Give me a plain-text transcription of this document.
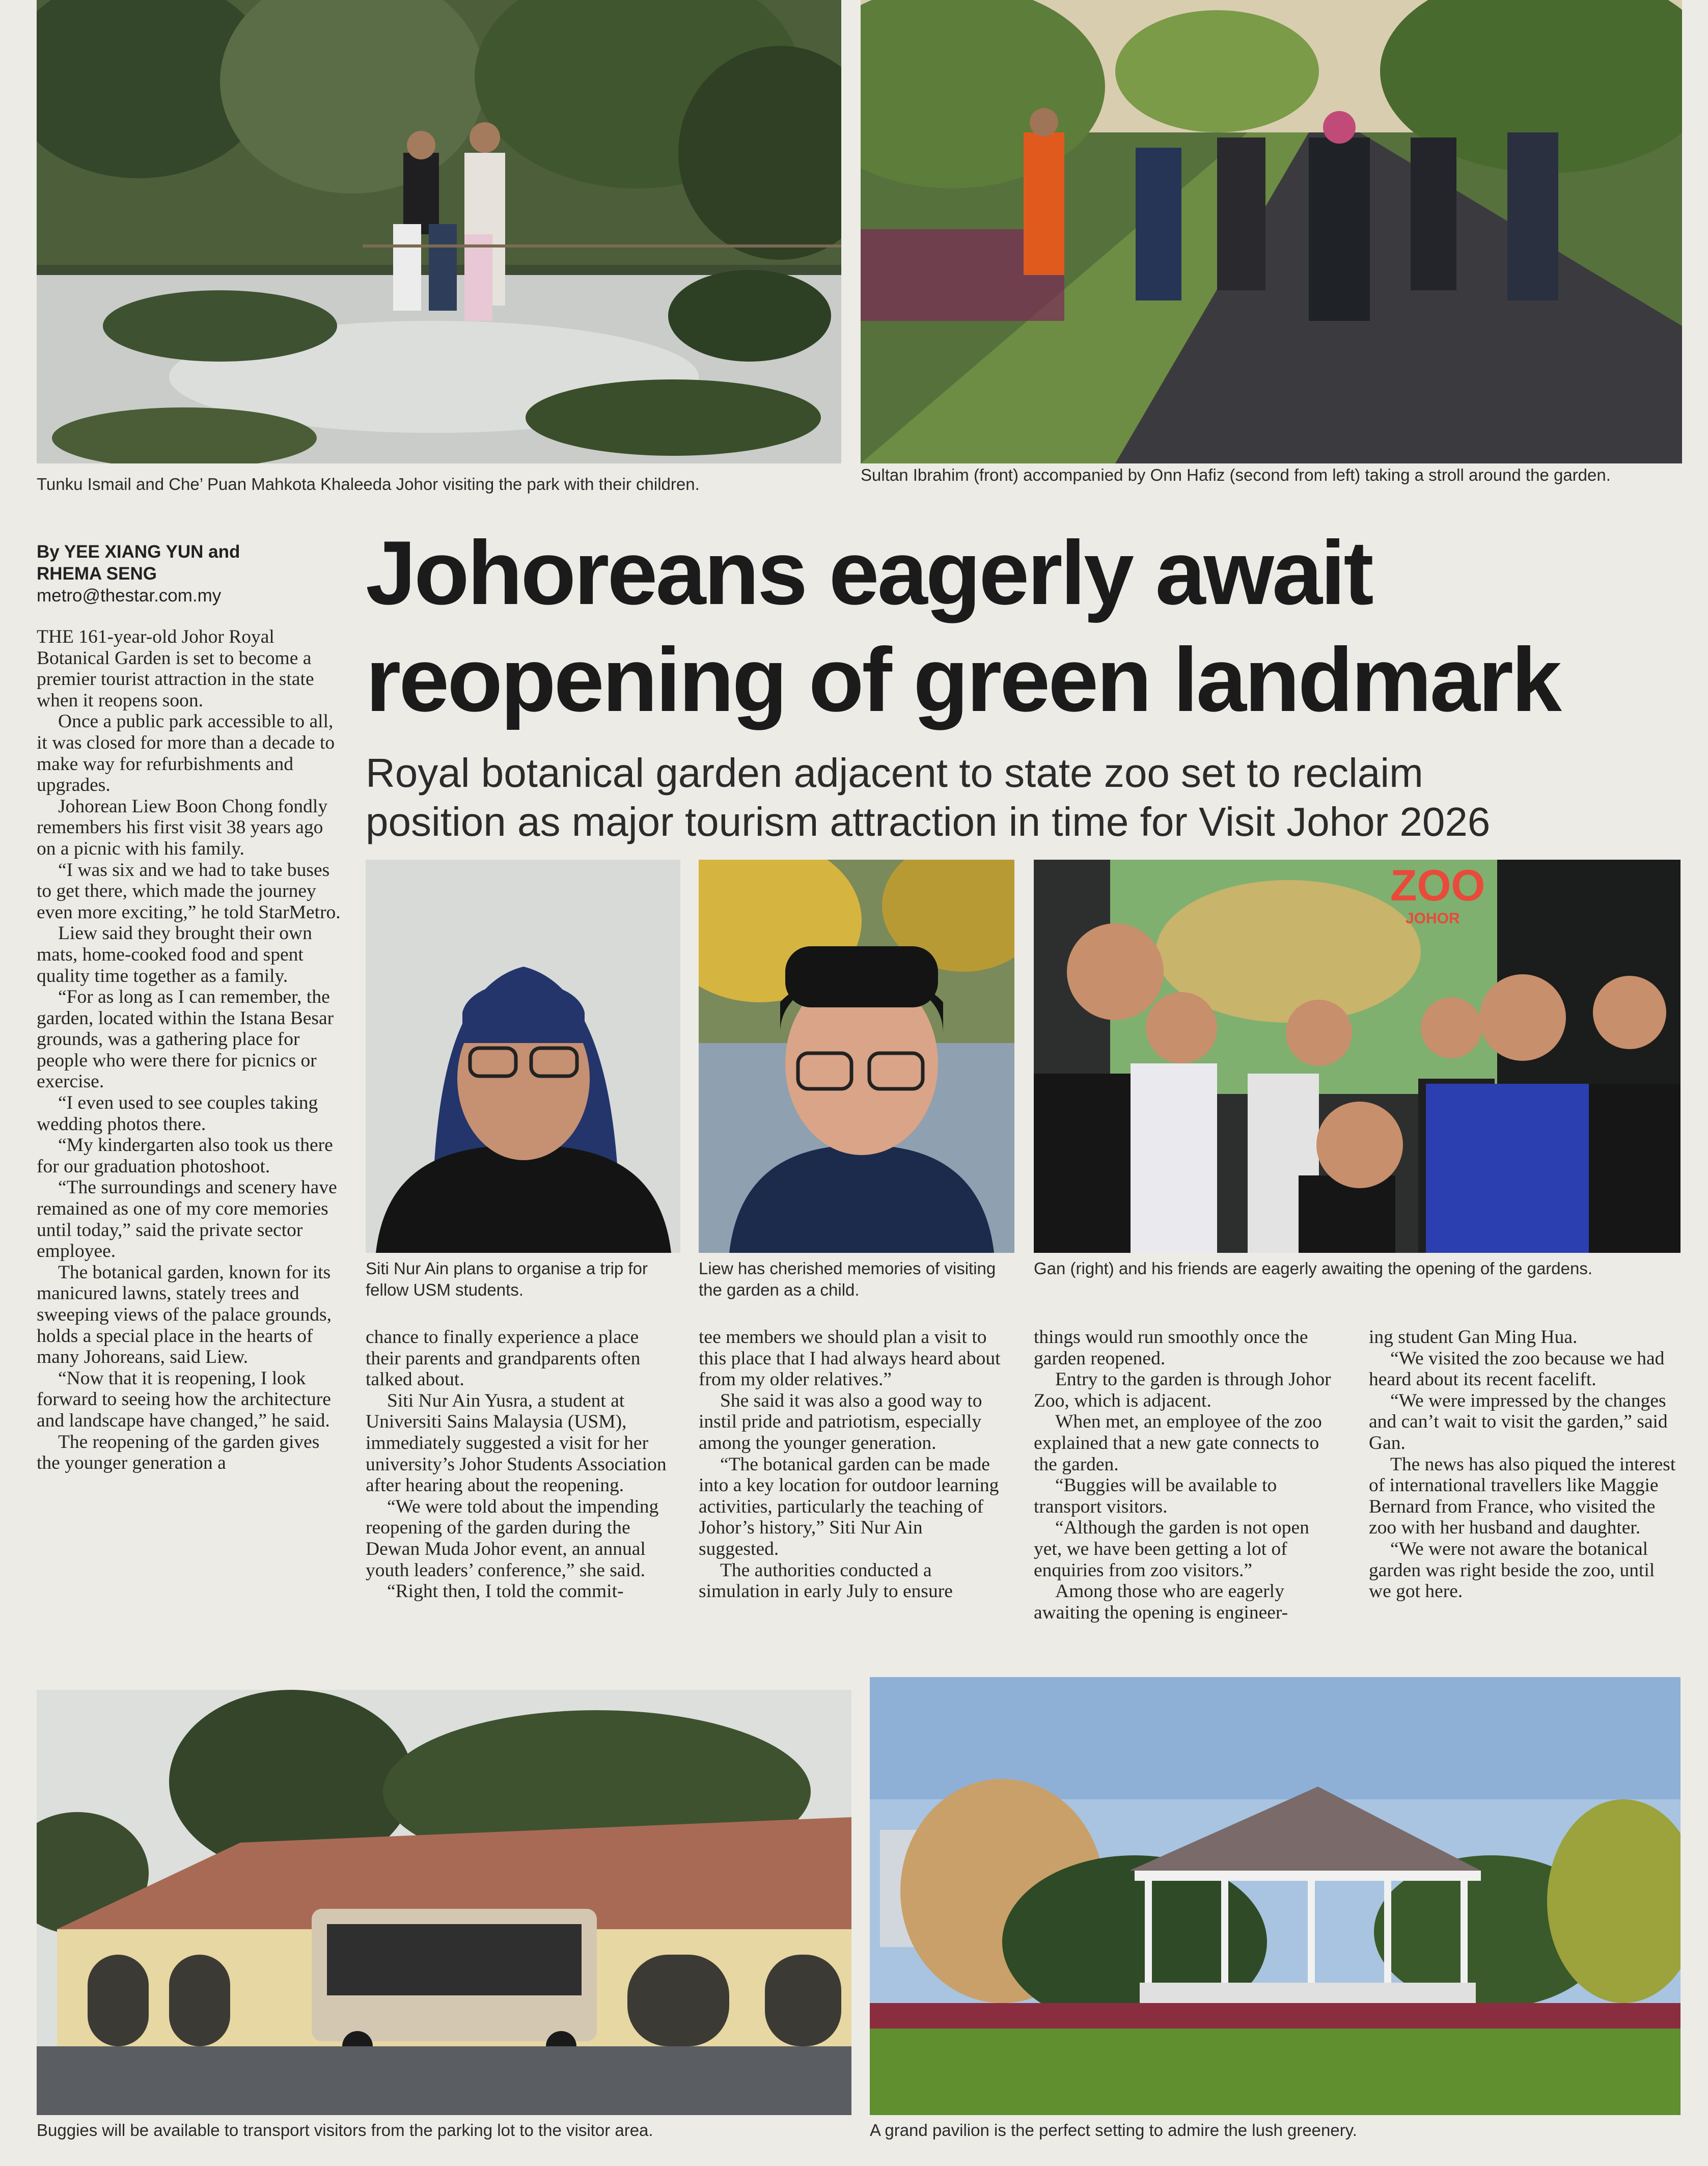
Tunku Ismail and Che’ Puan Mahkota Khaleeda Johor visiting the park with their children.	Sultan Ibrahim (front) accompanied by Onn Hafiz (second from left) taking a stroll around the garden.
By YEE XIANG YUN and
RHEMA SENG
metro@thestar.com.my	Johoreans eagerly await
reopening of green landmark
Royal botanical garden adjacent to state zoo set to reclaim
position as major tourism attraction in time for Visit Johor 2026
ZOO
JOHOR
Siti Nur Ain plans to organise a trip for fellow USM students.
Liew has cherished memories of visiting the garden as a child.
Gan (right) and his friends are eagerly awaiting the opening of the gardens.

THE 161-year-old Johor Royal Botanical Garden is set to become a premier tourist attraction in the state when it reopens soon.

Once a public park accessible to all, it was closed for more than a decade to make way for refurbishments and upgrades.

Johorean Liew Boon Chong fondly remembers his first visit 38 years ago on a picnic with his family.

“I was six and we had to take buses to get there, which made the journey even more exciting,” he told StarMetro.

Liew said they brought their own mats, home-cooked food and spent quality time together as a family.

“For as long as I can remember, the garden, located within the Istana Besar grounds, was a gathering place for people who were there for picnics or exercise.

“I even used to see couples taking wedding photos there.

“My kindergarten also took us there for our graduation photoshoot.

“The surroundings and scenery have remained as one of my core memories until today,” said the private sector employee.

The botanical garden, known for its manicured lawns, stately trees and sweeping views of the palace grounds, holds a special place in the hearts of many Johoreans, said Liew.

“Now that it is reopening, I look forward to seeing how the architecture and landscape have changed,” he said.

The reopening of the garden gives the younger generation a

chance to finally experience a place their parents and grandparents often talked about.

Siti Nur Ain Yusra, a student at Universiti Sains Malaysia (USM), immediately suggested a visit for her university’s Johor Students Association after hearing about the reopening.

“We were told about the impending reopening of the garden during the Dewan Muda Johor event, an annual youth leaders’ conference,” she said.

“Right then, I told the commit-

tee members we should plan a visit to this place that I had always heard about from my older relatives.”

She said it was also a good way to instil pride and patriotism, especially among the younger generation.

“The botanical garden can be made into a key location for outdoor learning activities, particularly the teaching of Johor’s history,” Siti Nur Ain suggested.

The authorities conducted a simulation in early July to ensure

things would run smoothly once the garden reopened.

Entry to the garden is through Johor Zoo, which is adjacent.

When met, an employee of the zoo explained that a new gate connects to the garden.

“Buggies will be available to transport visitors.

“Although the garden is not open yet, we have been getting a lot of enquiries from zoo visitors.”

Among those who are eagerly awaiting the opening is engineer-

ing student Gan Ming Hua.

“We visited the zoo because we had heard about its recent facelift.

“We were impressed by the changes and can’t wait to visit the garden,” said Gan.

The news has also piqued the interest of international travellers like Maggie Bernard from France, who visited the zoo with her husband and daughter.

“We were not aware the botanical garden was right beside the zoo, until we got here.

Buggies will be available to transport visitors from the parking lot to the visitor area.	A grand pavilion is the perfect setting to admire the lush greenery.
